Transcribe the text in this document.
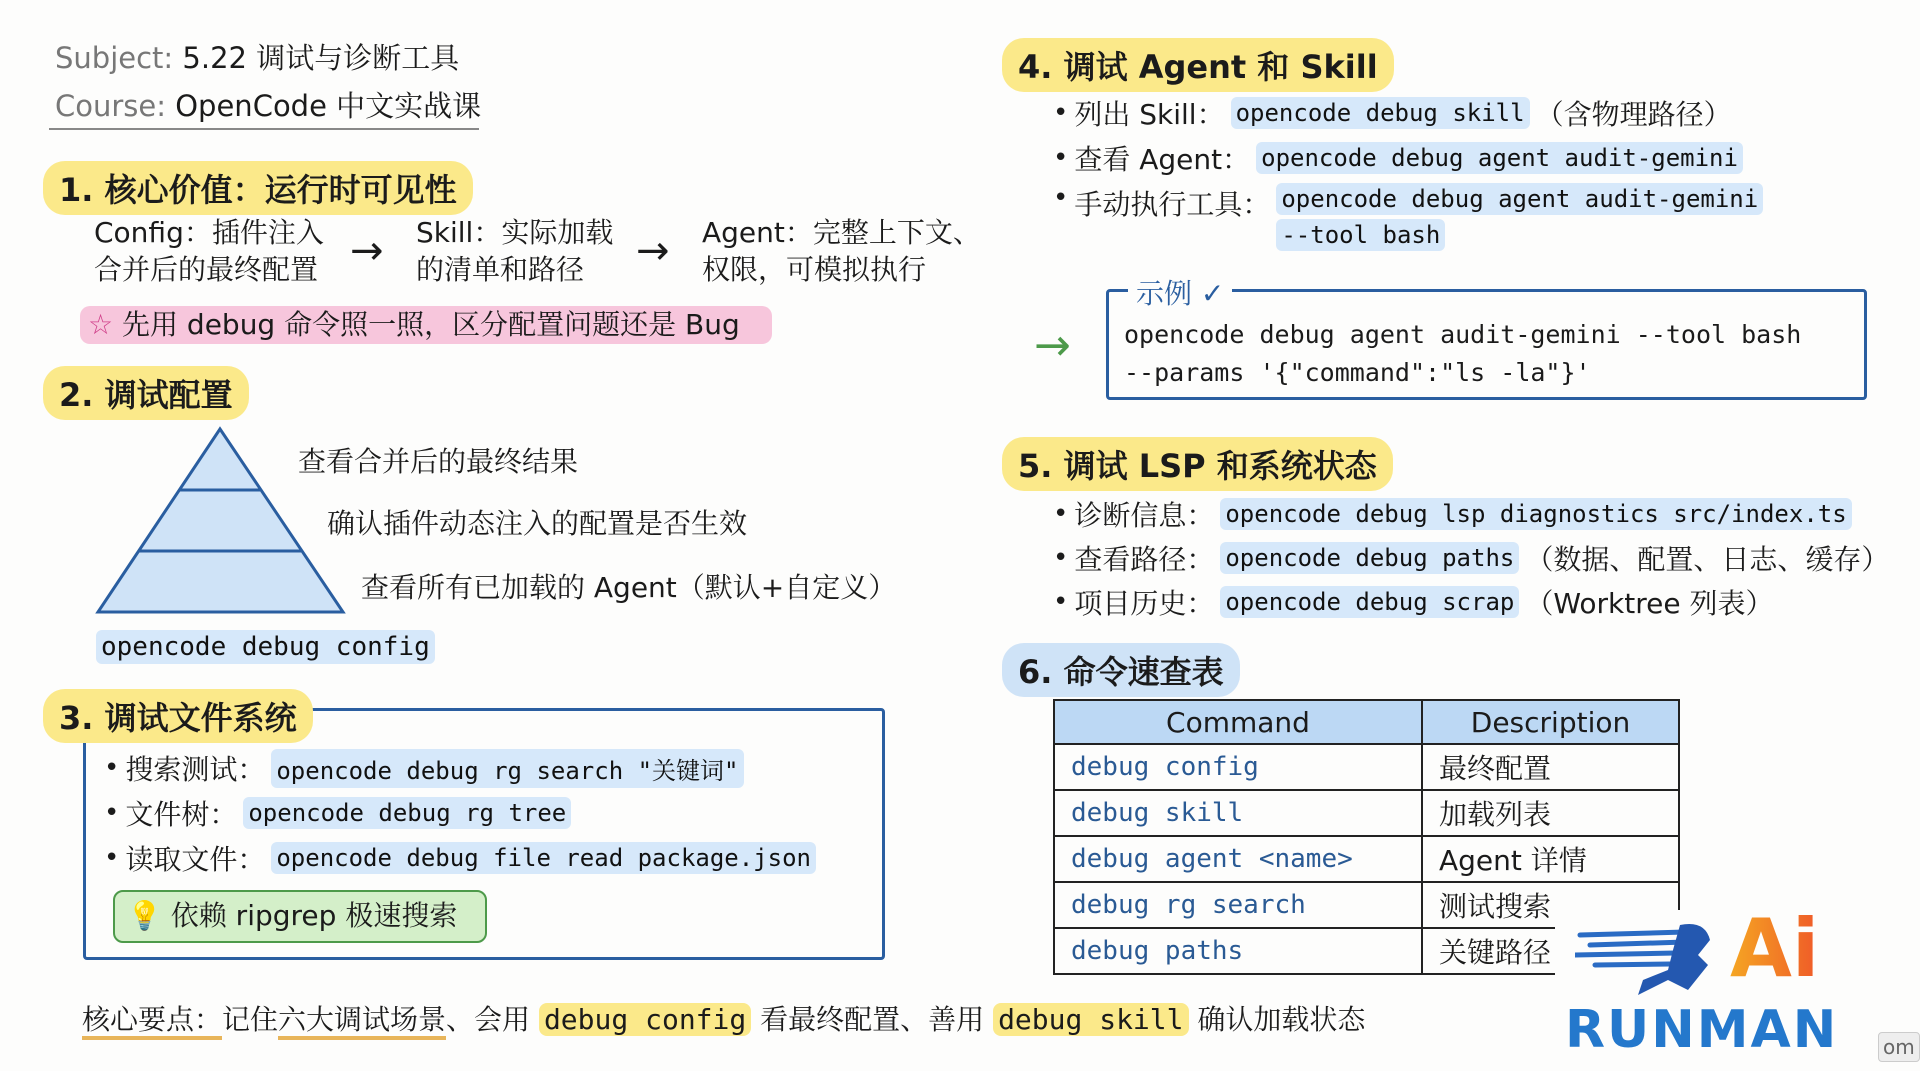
Subject: 5.22 调试与诊断工具
Course: OpenCode 中文实战课
1. 核心价值：运行时可见性
Config：插件注入
合并后的最终配置 → Skill：实际加载
的清单和路径	→ Agent：完整上下文、
权限，可模拟执行
☆ 先用 debug 命令照一照，区分配置问题还是 Bug
2. 调试配置
查看合并后的最终结果
确认插件动态注入的配置是否生效
查看所有已加载的 Agent（默认+自定义）
opencode debug config
3. 调试文件系统
• 搜索测试： opencode debug rg search "关键词"
• 文件树： opencode debug rg tree
• 读取文件： opencode debug file read package.json
💡 依赖 ripgrep 极速搜索
4. 调试 Agent 和 Skill
• 列出 Skill： opencode debug skill （含物理路径）
• 查看 Agent： opencode debug agent audit-gemini
• 手动执行工具： opencode debug agent audit-gemini
--tool bash
→
示例 ✓
opencode debug agent audit-gemini --tool bash
--params '{"command":"ls -la"}'
5. 调试 LSP 和系统状态
• 诊断信息： opencode debug lsp diagnostics src/index.ts
• 查看路径： opencode debug paths （数据、配置、日志、缓存）
• 项目历史： opencode debug scrap （Worktree 列表）
6. 命令速查表
Command	Description
debug config	最终配置
debug skill	加载列表
debug agent <name>	Agent 详情
debug rg search	测试搜索
debug paths	关键路径 Ai
RUNMAN om
核心要点：记住六大调试场景、会用 debug config 看最终配置、善用 debug skill 确认加载状态
